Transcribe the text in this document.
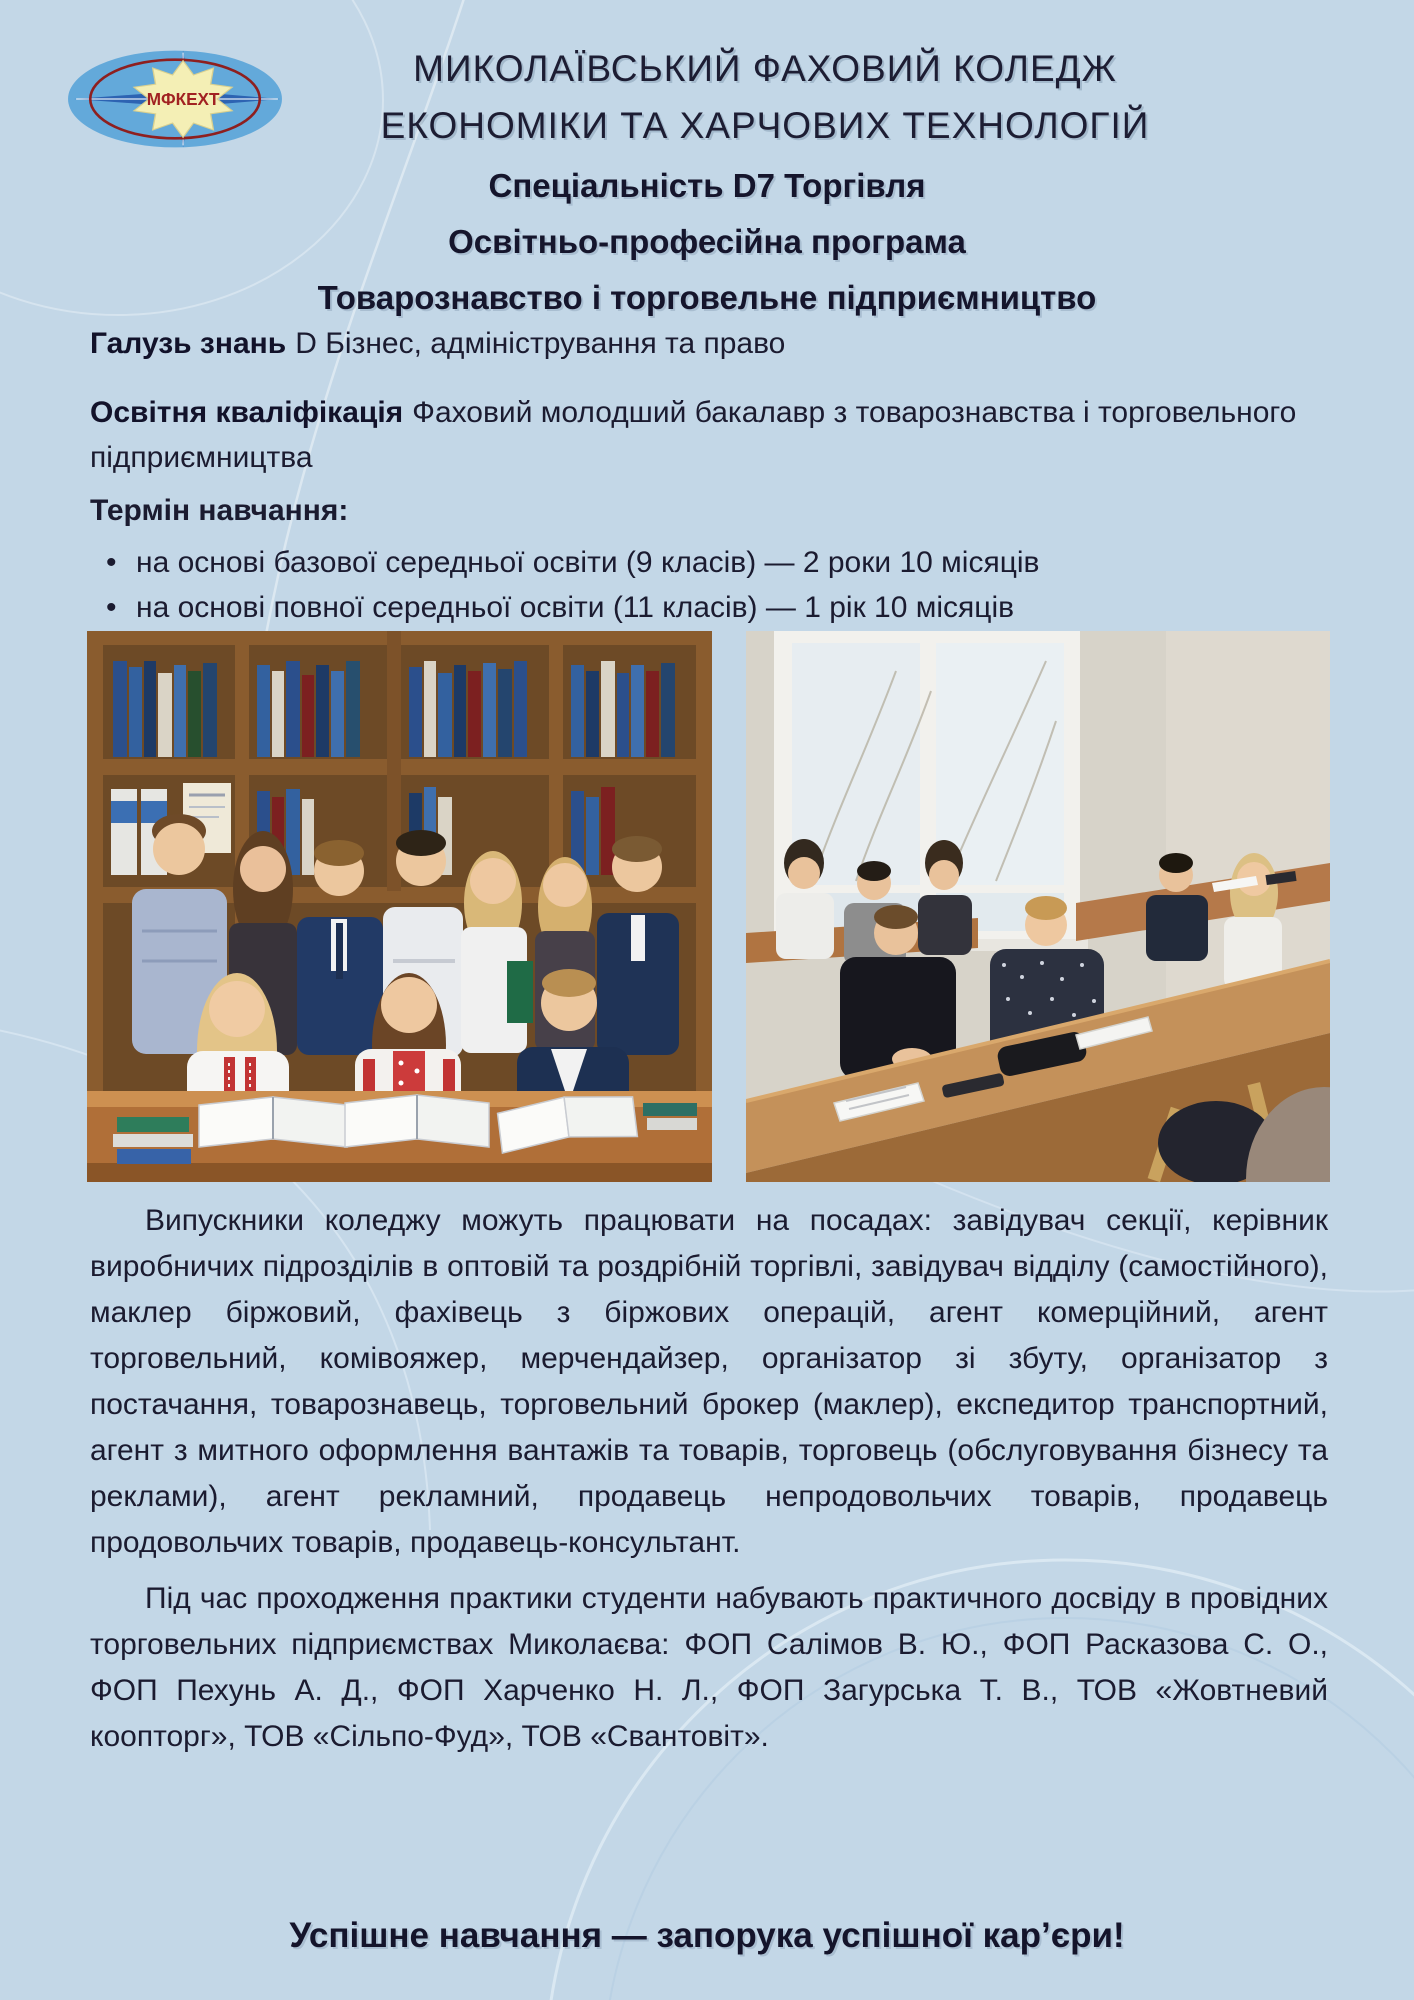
МФКЕХТ
МИКОЛАЇВСЬКИЙ ФАХОВИЙ КОЛЕДЖ
ЕКОНОМІКИ ТА ХАРЧОВИХ ТЕХНОЛОГІЙ
Спеціальність D7 Торгівля
Освітньо-професійна програма
Товарознавство і торговельне підприємництво

Галузь знань D Бізнес, адміністрування та право

Освітня кваліфікація Фаховий молодший бакалавр з товарознавства і торговельного підприємництва

Термін навчання:

• на основі базової середньої освіти (9 класів) — 2 роки 10 місяців
• на основі повної середньої освіти (11 класів) — 1 рік 10 місяців

Випускники коледжу можуть працювати на посадах: завідувач секції, керівник виробничих підрозділів в оптовій та роздрібній торгівлі, завідувач відділу (самостійного), маклер біржовий, фахівець з біржових операцій, агент комерційний, агент торговельний, комівояжер, мерчендайзер, організатор зі збуту, організатор з постачання, товарознавець, торговельний брокер (маклер), експедитор транспортний, агент з митного оформлення вантажів та товарів, торговець (обслуговування бізнесу та реклами), агент рекламний, продавець непродовольчих товарів, продавець продовольчих товарів, продавець-консультант.

Під час проходження практики студенти набувають практичного досвіду в провідних торговельних підприємствах Миколаєва: ФОП Салімов В. Ю., ФОП Расказова С. О., ФОП Пехунь А. Д., ФОП Харченко Н. Л., ФОП Загурська Т. В., ТОВ «Жовтневий коопторг», ТОВ «Сільпо-Фуд», ТОВ «Свантовіт».

Успішне навчання — запорука успішної кар’єри!
